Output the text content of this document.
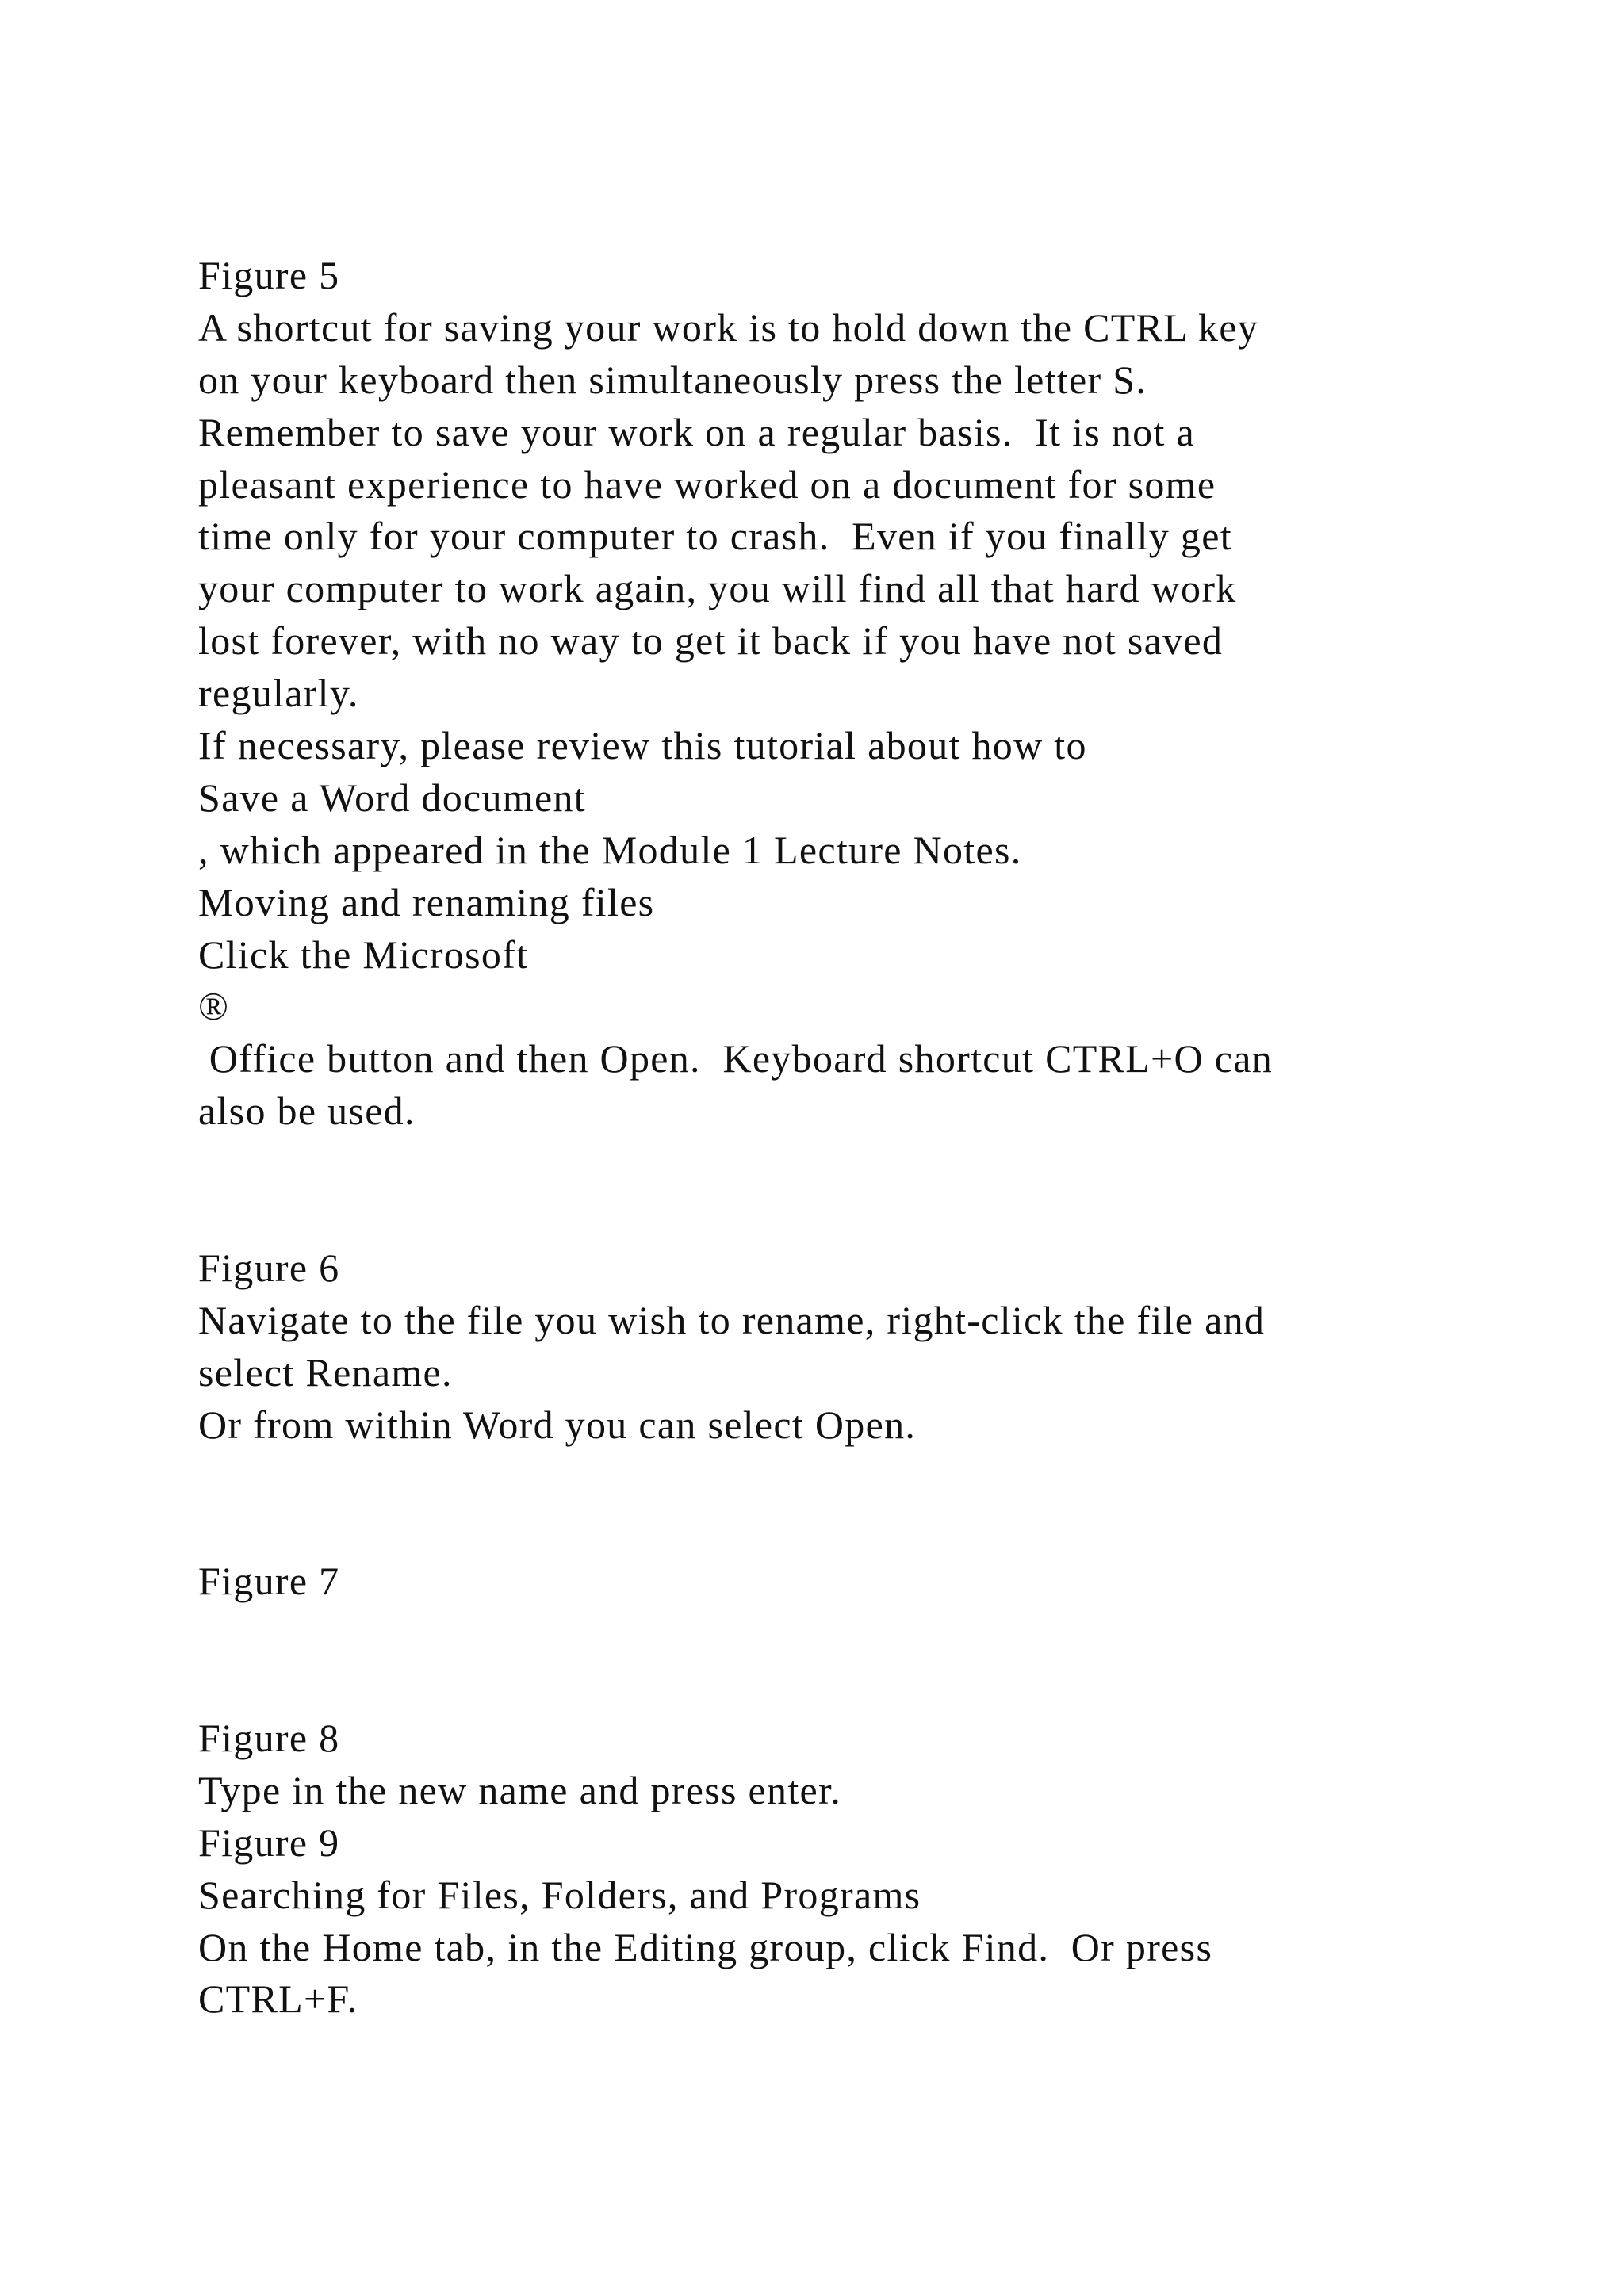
Figure 5
A shortcut for saving your work is to hold down the CTRL key
on your keyboard then simultaneously press the letter S.
Remember to save your work on a regular basis.  It is not a
pleasant experience to have worked on a document for some
time only for your computer to crash.  Even if you finally get
your computer to work again, you will find all that hard work
lost forever, with no way to get it back if you have not saved
regularly.
If necessary, please review this tutorial about how to
Save a Word document
, which appeared in the Module 1 Lecture Notes.
Moving and renaming files
Click the Microsoft
®
Office button and then Open.  Keyboard shortcut CTRL+O can
also be used.
Figure 6
Navigate to the file you wish to rename, right-click the file and
select Rename.
Or from within Word you can select Open.
Figure 7
Figure 8
Type in the new name and press enter.
Figure 9
Searching for Files, Folders, and Programs
On the Home tab, in the Editing group, click Find.  Or press
CTRL+F.
